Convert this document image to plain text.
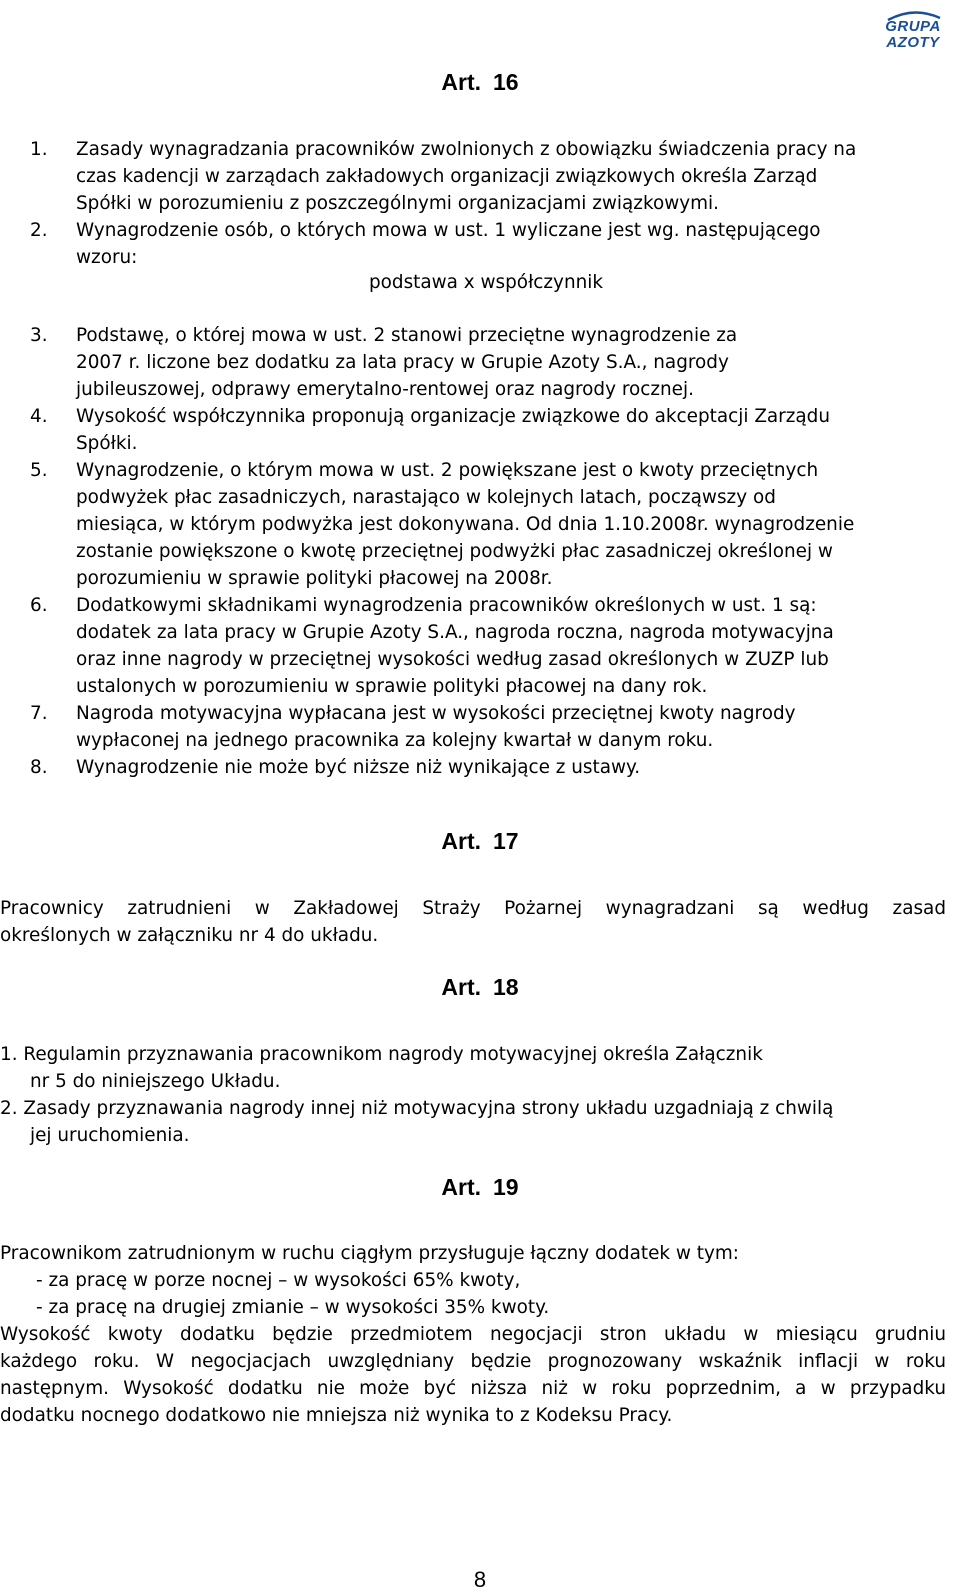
GRUPA
AZOTY
Art. 16
1.	Zasady wynagradzania pracowników zwolnionych z obowiązku świadczenia pracy na
czas kadencji w zarządach zakładowych organizacji związkowych określa Zarząd
Spółki w porozumieniu z poszczególnymi organizacjami związkowymi.
2.	Wynagrodzenie osób, o których mowa w ust. 1 wyliczane jest wg. następującego
wzoru:
podstawa x współczynnik
3.	Podstawę, o której mowa w ust. 2 stanowi przeciętne wynagrodzenie za
2007 r. liczone bez dodatku za lata pracy w Grupie Azoty S.A., nagrody
jubileuszowej, odprawy emerytalno-rentowej oraz nagrody rocznej.
4.	Wysokość współczynnika proponują organizacje związkowe do akceptacji Zarządu
Spółki.
5.	Wynagrodzenie, o którym mowa w ust. 2 powiększane jest o kwoty przeciętnych
podwyżek płac zasadniczych, narastająco w kolejnych latach, począwszy od
miesiąca, w którym podwyżka jest dokonywana. Od dnia 1.10.2008r. wynagrodzenie
zostanie powiększone o kwotę przeciętnej podwyżki płac zasadniczej określonej w
porozumieniu w sprawie polityki płacowej na 2008r.
6.	Dodatkowymi składnikami wynagrodzenia pracowników określonych w ust. 1 są:
dodatek za lata pracy w Grupie Azoty S.A., nagroda roczna, nagroda motywacyjna
oraz inne nagrody w przeciętnej wysokości według zasad określonych w ZUZP lub
ustalonych w porozumieniu w sprawie polityki płacowej na dany rok.
7.	Nagroda motywacyjna wypłacana jest w wysokości przeciętnej kwoty nagrody
wypłaconej na jednego pracownika za kolejny kwartał w danym roku.
8.	Wynagrodzenie nie może być niższe niż wynikające z ustawy.
Art. 17
Pracownicy zatrudnieni w Zakładowej Straży Pożarnej wynagradzani są według zasad
określonych w załączniku nr 4 do układu.
Art. 18
1. Regulamin przyznawania pracownikom nagrody motywacyjnej określa Załącznik
nr 5 do niniejszego Układu.
2. Zasady przyznawania nagrody innej niż motywacyjna strony układu uzgadniają z chwilą
jej uruchomienia.
Art. 19
Pracownikom zatrudnionym w ruchu ciągłym przysługuje łączny dodatek w tym:
- za pracę w porze nocnej – w wysokości 65% kwoty,
- za pracę na drugiej zmianie – w wysokości 35% kwoty.
Wysokość kwoty dodatku będzie przedmiotem negocjacji stron układu w miesiącu grudniu
każdego roku. W negocjacjach uwzględniany będzie prognozowany wskaźnik inflacji w roku
następnym. Wysokość dodatku nie może być niższa niż w roku poprzednim, a w przypadku
dodatku nocnego dodatkowo nie mniejsza niż wynika to z Kodeksu Pracy.
8
